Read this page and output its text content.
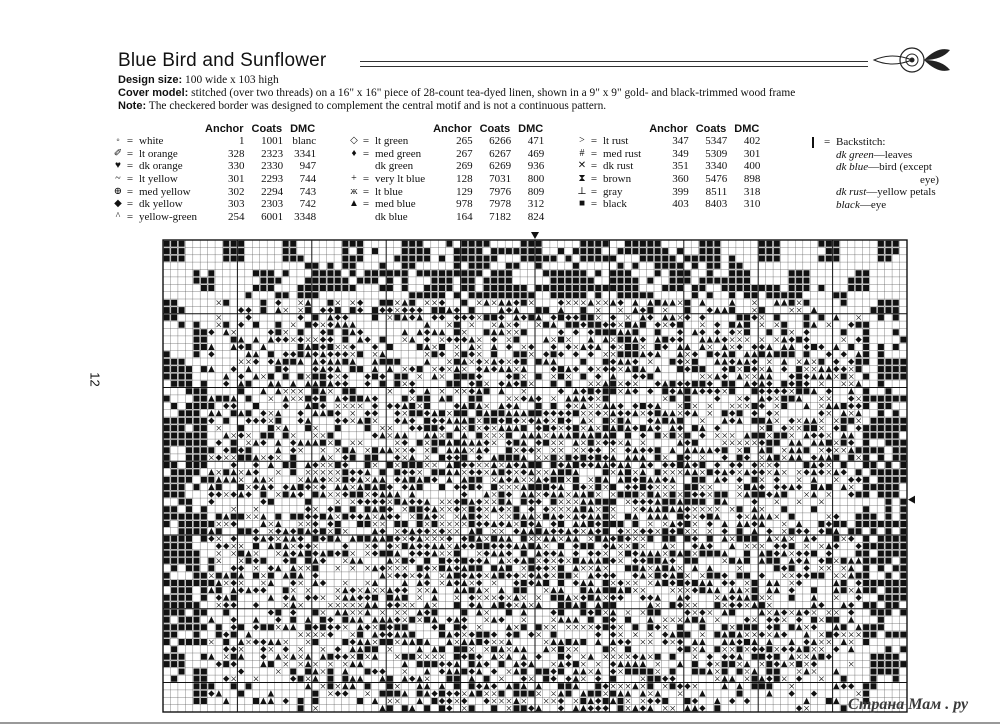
Blue Bird and Sunflower
Design size: 100 wide x 103 high
Cover model: stitched (over two threads) on a 16" x 16" piece of 28-count tea-dyed linen, shown in a 9" x 9" gold- and black-trimmed wood frame
Note: The checkered border was designed to complement the central motif and is not a continuous pattern.
			Anchor	Coats	DMC
◦	=	white	1	1001	blanc
✐	=	lt orange	328	2323	3341
♥	=	dk orange	330	2330	947
~	=	lt yellow	301	2293	744
⊕	=	med yellow	302	2294	743
◆	=	dk yellow	303	2303	742
^	=	yellow-green	254	6001	3348
			Anchor	Coats	DMC
◇	=	lt green	265	6266	471
♦	=	med green	267	6267	469
		dk green	269	6269	936
+	=	very lt blue	128	7031	800
ж	=	lt blue	129	7976	809
▲	=	med blue	978	7978	312
		dk blue	164	7182	824
			Anchor	Coats	DMC
>	=	lt rust	347	5347	402
#	=	med rust	349	5309	301
✕	=	dk rust	351	3340	400
⧗	=	brown	360	5476	898
⊥	=	gray	399	8511	318
■	=	black	403	8403	310
= Backstitch:
dk green—leaves
dk blue—bird (except
eye)
dk rust—yellow petals
black—eye
12
Страна Мам . ру
